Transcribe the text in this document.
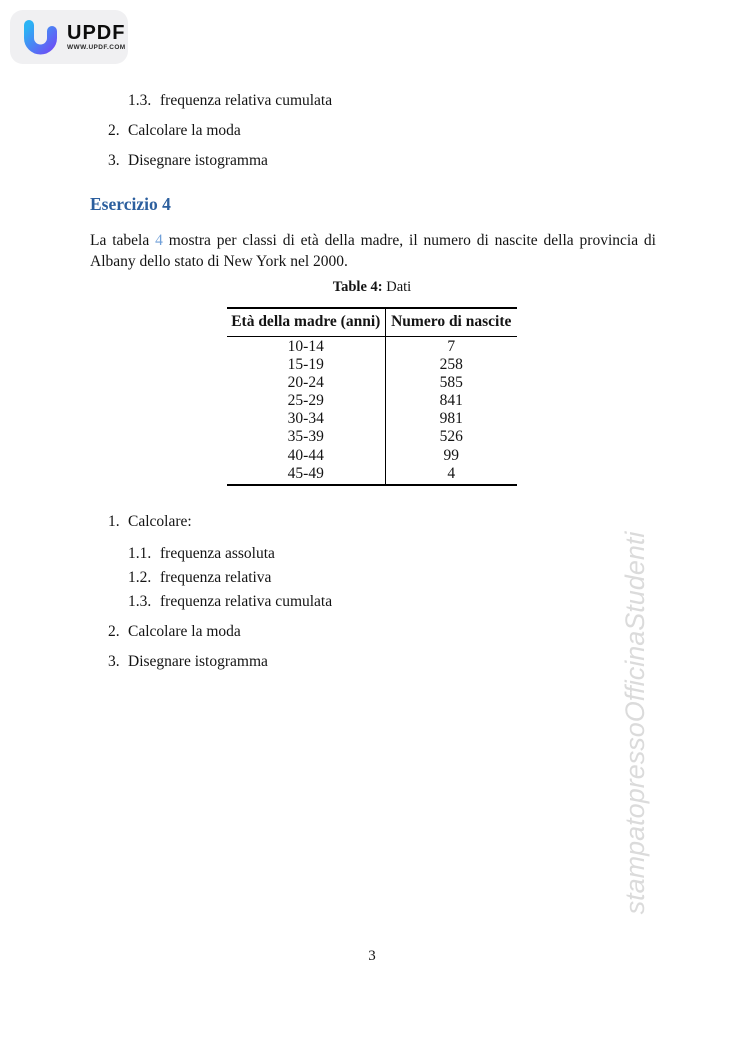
UPDF
WWW.UPDF.COM
1.3. frequenza relativa cumulata
2. Calcolare la moda
3. Disegnare istogramma
Esercizio 4
La tabela 4 mostra per classi di età della madre, il numero di nascite della provincia di Albany dello stato di New York nel 2000.
Table 4: Dati
Età della madre (anni)	Numero di nascite
10-14	7
15-19	258
20-24	585
25-29	841
30-34	981
35-39	526
40-44	99
45-49	4
1. Calcolare:
1.1. frequenza assoluta
1.2. frequenza relativa
1.3. frequenza relativa cumulata
2. Calcolare la moda
3. Disegnare istogramma	stampatopressoOfficinaStudenti
3
